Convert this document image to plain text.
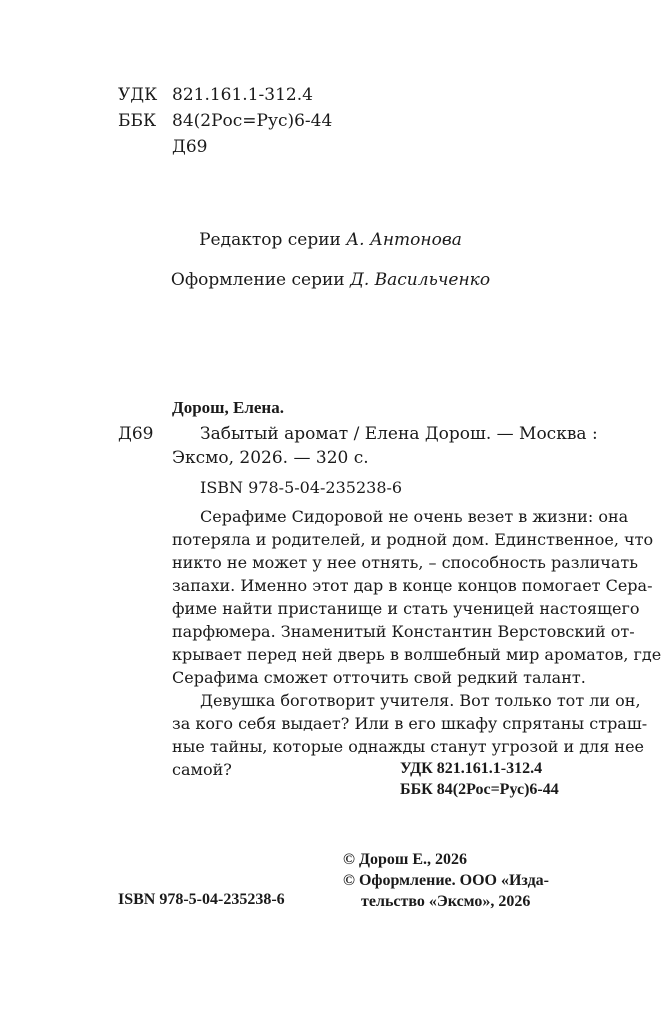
УДК 821.161.1-312.4
ББК 84(2Рос=Рус)6-44
Д69
Редактор серии А. Антонова
Оформление серии Д. Васильченко
Дорош, Елена.
Д69	Забытый аромат / Елена Дорош. — Москва :
Эксмо, 2026. — 320 с.
ISBN 978-5-04-235238-6
Серафиме Сидоровой не очень везет в жизни: она
потеряла и родителей, и родной дом. Единственное, что
никто не может у нее отнять, – способность различать
запахи. Именно этот дар в конце концов помогает Сера-
фиме найти пристанище и стать ученицей настоящего
парфюмера. Знаменитый Константин Верстовский от-
крывает перед ней дверь в волшебный мир ароматов, где
Серафима сможет отточить свой редкий талант.
Девушка боготворит учителя. Вот только тот ли он,
за кого себя выдает? Или в его шкафу спрятаны страш-
ные тайны, которые однажды станут угрозой и для нее
самой?	УДК 821.161.1-312.4
ББК 84(2Рос=Рус)6-44
ISBN 978-5-04-235238-6
© Дорош Е., 2026
© Оформление. ООО «Изда-
тельство «Эксмо», 2026
